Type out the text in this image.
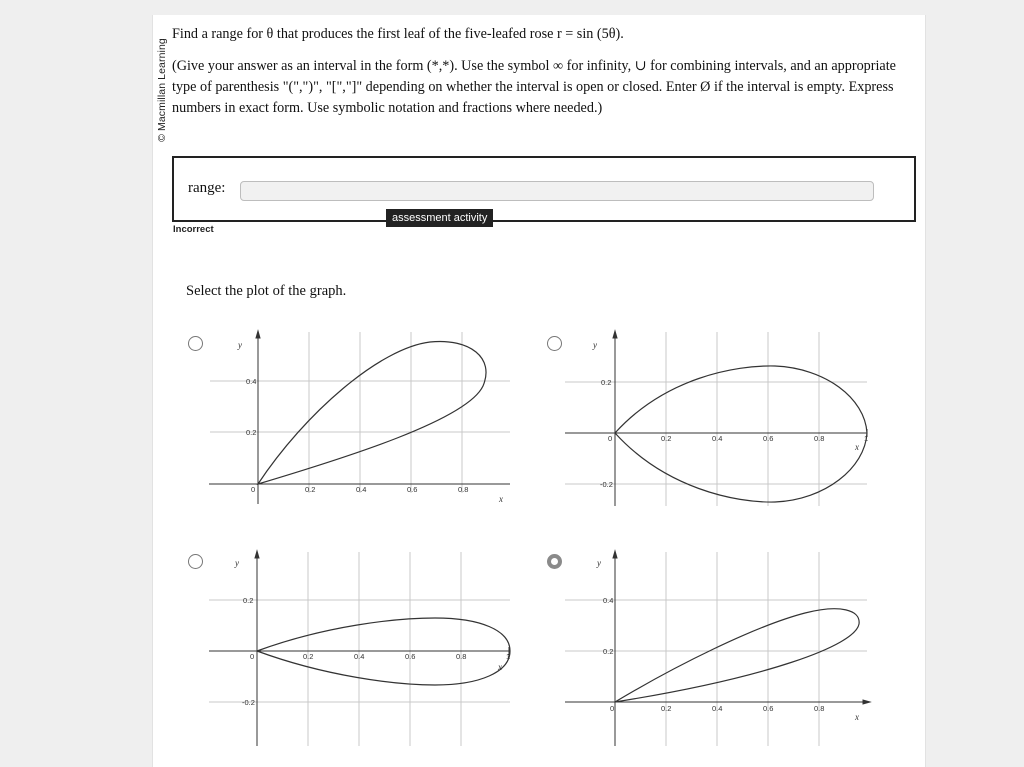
© Macmillan Learning

Find a range for θ that produces the first leaf of the five-leafed rose r = sin (5θ).

(Give your answer as an interval in the form (*,*). Use the symbol ∞ for infinity, ∪ for combining intervals, and an appropriate type of parenthesis "(",")", "[","]" depending on whether the interval is open or closed. Enter Ø if the interval is empty. Express numbers in exact form. Use symbolic notation and fractions where needed.)

range:
assessment activity
Incorrect
Select the plot of the graph.
y
x
0	0.2	0.4	0.6	0.8
0.4
0.2
y
x
0	0.2	0.4	0.6	0.8	1
0.2
-0.2
y
x
0	0.2	0.4	0.6	0.8	1
0.2
-0.2
y
x
0	0.2	0.4	0.6	0.8
0.4
0.2
